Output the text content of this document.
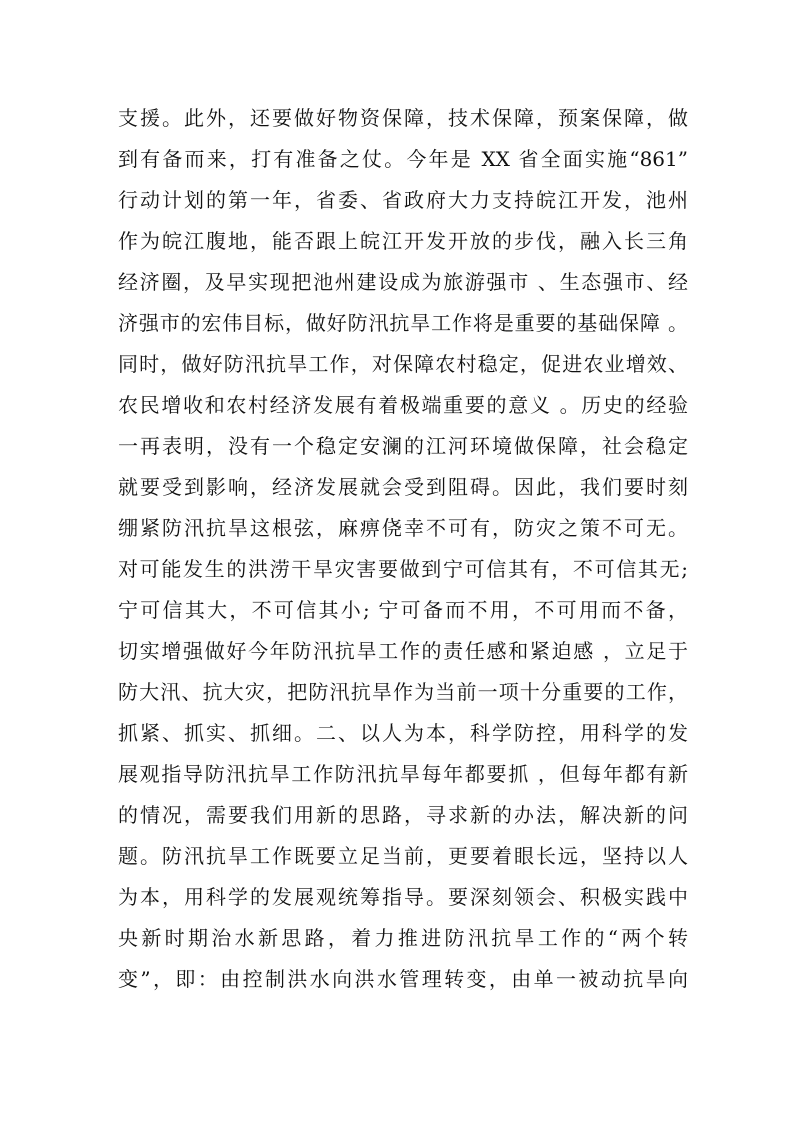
支援。此外，还要做好物资保障，技术保障，预案保障，做
到有备而来，打有准备之仗。今年是 XX 省全面实施“861”
行动计划的第一年，省委、省政府大力支持皖江开发，池州
作为皖江腹地，能否跟上皖江开发开放的步伐，融入长三角
经济圈，及早实现把池州建设成为旅游强市 、生态强市、经
济强市的宏伟目标，做好防汛抗旱工作将是重要的基础保障 。
同时，做好防汛抗旱工作，对保障农村稳定，促进农业增效、
农民增收和农村经济发展有着极端重要的意义 。历史的经验
一再表明，没有一个稳定安澜的江河环境做保障，社会稳定
就要受到影响，经济发展就会受到阻碍。因此，我们要时刻
绷紧防汛抗旱这根弦，麻痹侥幸不可有，防灾之策不可无。
对可能发生的洪涝干旱灾害要做到宁可信其有，不可信其无;
宁可信其大，不可信其小; 宁可备而不用，不可用而不备，
切实增强做好今年防汛抗旱工作的责任感和紧迫感 ，立足于
防大汛、抗大灾，把防汛抗旱作为当前一项十分重要的工作，
抓紧、抓实、抓细。二、以人为本，科学防控，用科学的发
展观指导防汛抗旱工作防汛抗旱每年都要抓 ，但每年都有新
的情况，需要我们用新的思路，寻求新的办法，解决新的问
题。防汛抗旱工作既要立足当前，更要着眼长远，坚持以人
为本，用科学的发展观统筹指导。要深刻领会、积极实践中
央新时期治水新思路，着力推进防汛抗旱工作的“两个转
变”，即：由控制洪水向洪水管理转变，由单一被动抗旱向
